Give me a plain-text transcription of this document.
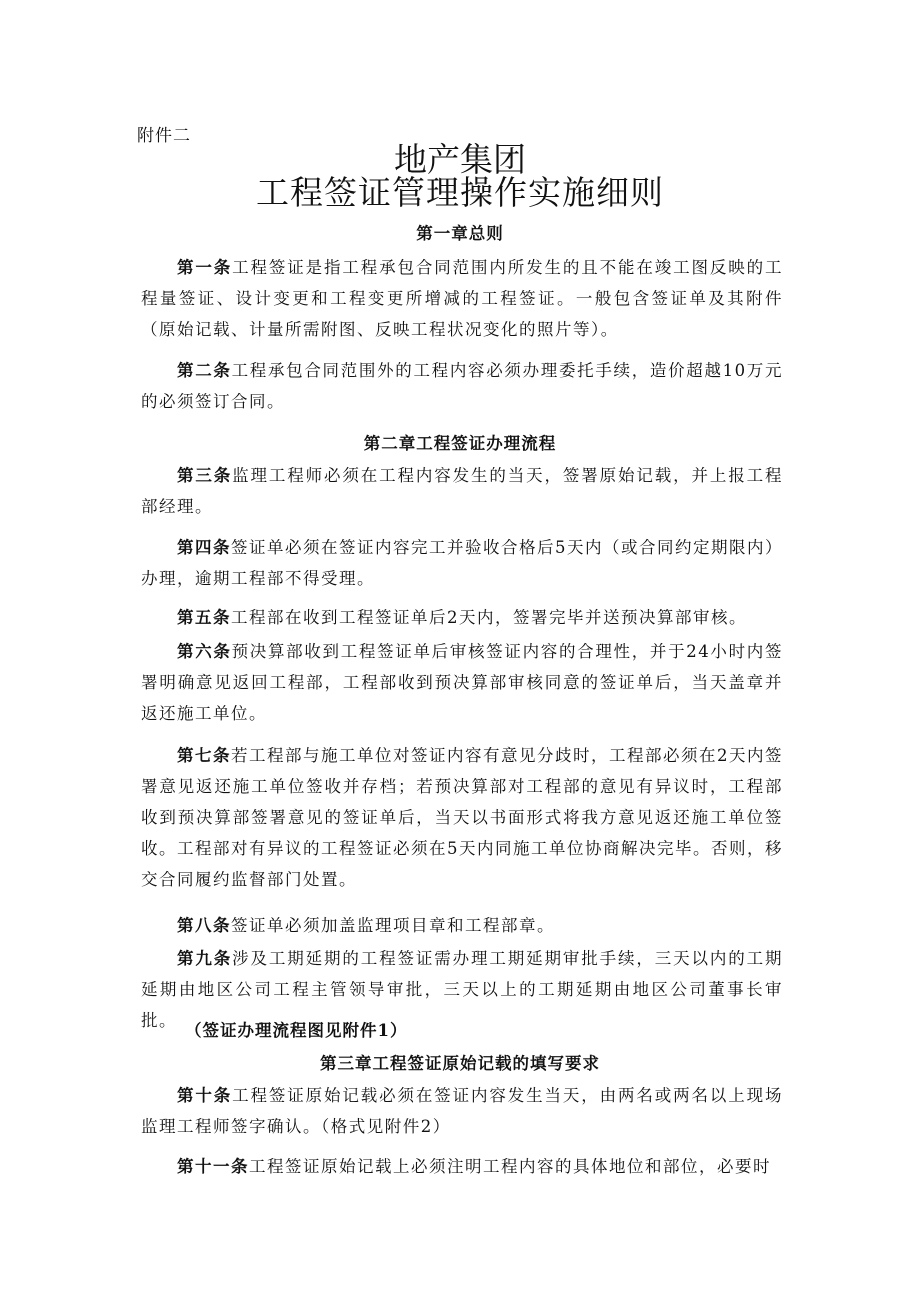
附件二

地产集团
工程签证管理操作实施细则
第一章总则

第一条工程签证是指工程承包合同范围内所发生的且不能在竣工图反映的工程量签证、设计变更和工程变更所增减的工程签证。一般包含签证单及其附件（原始记载、计量所需附图、反映工程状况变化的照片等）。

第二条工程承包合同范围外的工程内容必须办理委托手续，造价超越10万元的必须签订合同。

第二章工程签证办理流程

第三条监理工程师必须在工程内容发生的当天，签署原始记载，并上报工程部经理。

第四条签证单必须在签证内容完工并验收合格后5天内（或合同约定期限内）办理，逾期工程部不得受理。

第五条工程部在收到工程签证单后2天内，签署完毕并送预决算部审核。

第六条预决算部收到工程签证单后审核签证内容的合理性，并于24小时内签署明确意见返回工程部，工程部收到预决算部审核同意的签证单后，当天盖章并返还施工单位。

第七条若工程部与施工单位对签证内容有意见分歧时，工程部必须在2天内签署意见返还施工单位签收并存档；若预决算部对工程部的意见有异议时，工程部收到预决算部签署意见的签证单后，当天以书面形式将我方意见返还施工单位签收。工程部对有异议的工程签证必须在5天内同施工单位协商解决完毕。否则，移交合同履约监督部门处置。

第八条签证单必须加盖监理项目章和工程部章。

第九条涉及工期延期的工程签证需办理工期延期审批手续，三天以内的工期延期由地区公司工程主管领导审批，三天以上的工期延期由地区公司董事长审批。

（签证办理流程图见附件1）

第三章工程签证原始记载的填写要求

第十条工程签证原始记载必须在签证内容发生当天，由两名或两名以上现场监理工程师签字确认。（格式见附件2）

第十一条工程签证原始记载上必须注明工程内容的具体地位和部位，必要时
